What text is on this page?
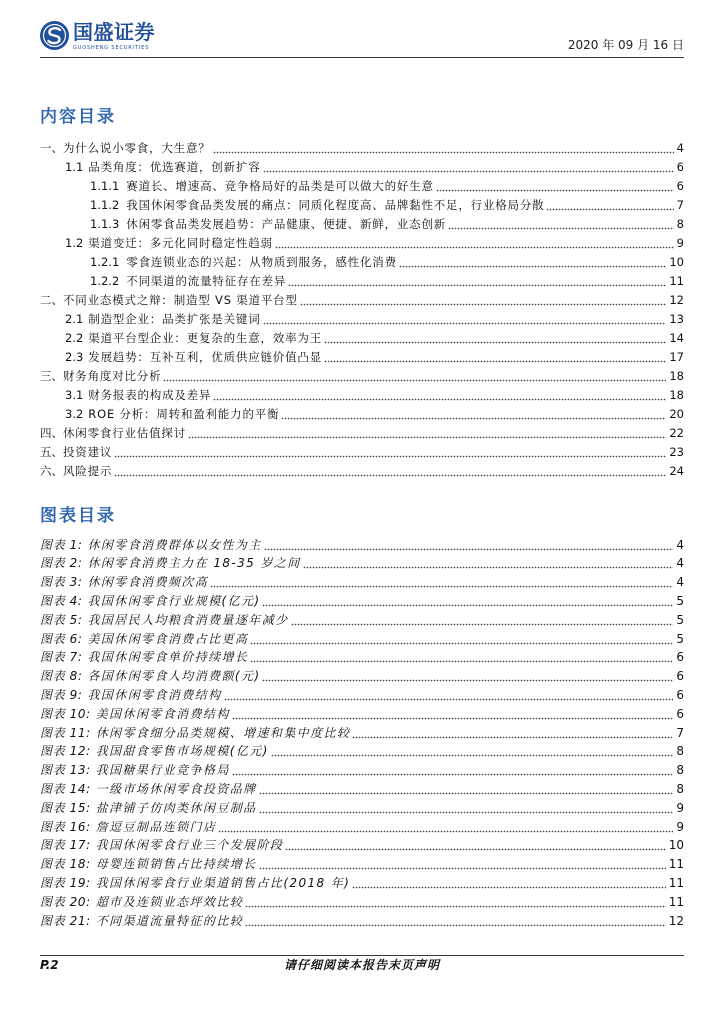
国盛证券
GUOSHENG SECURITIES	2020 年 09 月 16 日
内容目录
一、 为什么说小零食，大生意？	4
1.1 品类角度：优选赛道，创新扩容	6
1.1.1 赛道长、增速高、竞争格局好的品类是可以做大的好生意	6
1.1.2 我国休闲零食品类发展的痛点：同质化程度高、品牌黏性不足，行业格局分散	7
1.1.3 休闲零食品类发展趋势：产品健康、便捷、新鲜，业态创新	8
1.2 渠道变迁：多元化同时稳定性趋弱	9
1.2.1 零食连锁业态的兴起：从物质到服务，感性化消费	10
1.2.2 不同渠道的流量特征存在差异	11
二、 不同业态模式之辩：制造型 VS 渠道平台型	12
2.1 制造型企业：品类扩张是关键词	13
2.2 渠道平台型企业：更复杂的生意，效率为王	14
2.3 发展趋势：互补互利，优质供应链价值凸显	17
三、 财务角度对比分析	18
3.1 财务报表的构成及差异	18
3.2 ROE 分析：周转和盈利能力的平衡	20
四、 休闲零食行业估值探讨	22
五、 投资建议	23
六、 风险提示	24
图表目录
图表 1: 休闲零食消费群体以女性为主	4
图表 2: 休闲零食消费主力在 18-35 岁之间	4
图表 3: 休闲零食消费频次高	4
图表 4: 我国休闲零食行业规模(亿元)	5
图表 5: 我国居民人均粮食消费量逐年减少	5
图表 6: 美国休闲零食消费占比更高	5
图表 7: 我国休闲零食单价持续增长	6
图表 8: 各国休闲零食人均消费额(元)	6
图表 9: 我国休闲零食消费结构	6
图表 10: 美国休闲零食消费结构	6
图表 11: 休闲零食细分品类规模、增速和集中度比较	7
图表 12: 我国甜食零售市场规模(亿元)	8
图表 13: 我国糖果行业竞争格局	8
图表 14: 一级市场休闲零食投资品牌	8
图表 15: 盐津铺子仿肉类休闲豆制品	9
图表 16: 詹逗豆制品连锁门店	9
图表 17: 我国休闲零食行业三个发展阶段	10
图表 18: 母婴连锁销售占比持续增长	11
图表 19: 我国休闲零食行业渠道销售占比(2018 年)	11
图表 20: 超市及连锁业态坪效比较	11
图表 21: 不同渠道流量特征的比较	12
P.2	请仔细阅读本报告末页声明
